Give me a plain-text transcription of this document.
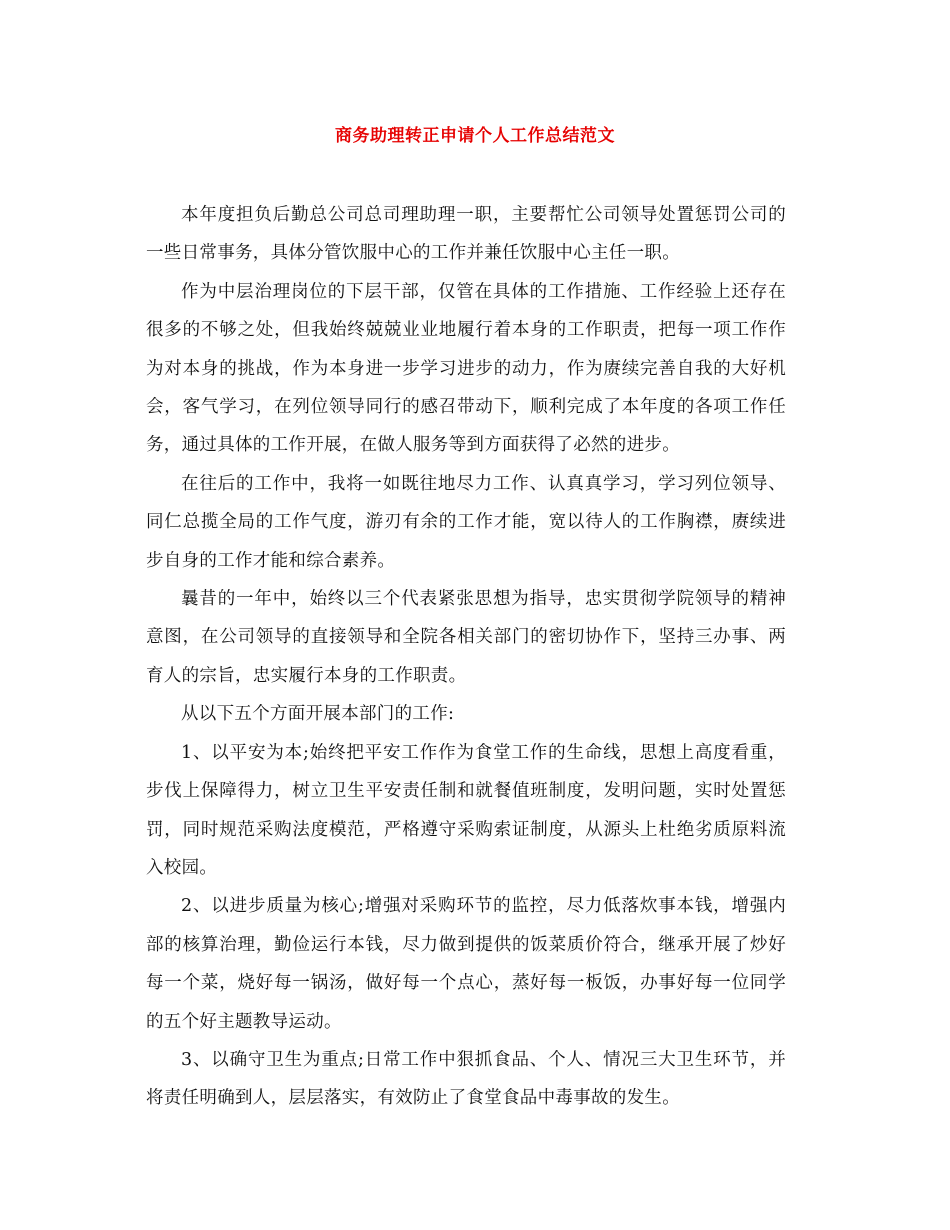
商务助理转正申请个人工作总结范文

本年度担负后勤总公司总司理助理一职，主要帮忙公司领导处置惩罚公司的一些日常事务，具体分管饮服中心的工作并兼任饮服中心主任一职。

作为中层治理岗位的下层干部，仅管在具体的工作措施、工作经验上还存在很多的不够之处，但我始终兢兢业业地履行着本身的工作职责，把每一项工作作为对本身的挑战，作为本身进一步学习进步的动力，作为赓续完善自我的大好机会，客气学习，在列位领导同行的感召带动下，顺利完成了本年度的各项工作任务，通过具体的工作开展，在做人服务等到方面获得了必然的进步。

在往后的工作中，我将一如既往地尽力工作、认真真学习，学习列位领导、同仁总揽全局的工作气度，游刃有余的工作才能，宽以待人的工作胸襟，赓续进步自身的工作才能和综合素养。

曩昔的一年中，始终以三个代表紧张思想为指导，忠实贯彻学院领导的精神意图，在公司领导的直接领导和全院各相关部门的密切协作下，坚持三办事、两育人的宗旨，忠实履行本身的工作职责。

从以下五个方面开展本部门的工作:

1、以平安为本;始终把平安工作作为食堂工作的生命线，思想上高度看重，步伐上保障得力，树立卫生平安责任制和就餐值班制度，发明问题，实时处置惩罚，同时规范采购法度模范，严格遵守采购索证制度，从源头上杜绝劣质原料流入校园。

2、以进步质量为核心;增强对采购环节的监控，尽力低落炊事本钱，增强内部的核算治理，勤俭运行本钱，尽力做到提供的饭菜质价符合，继承开展了炒好每一个菜，烧好每一锅汤，做好每一个点心，蒸好每一板饭，办事好每一位同学的五个好主题教导运动。

3、以确守卫生为重点;日常工作中狠抓食品、个人、情况三大卫生环节，并将责任明确到人，层层落实，有效防止了食堂食品中毒事故的发生。
